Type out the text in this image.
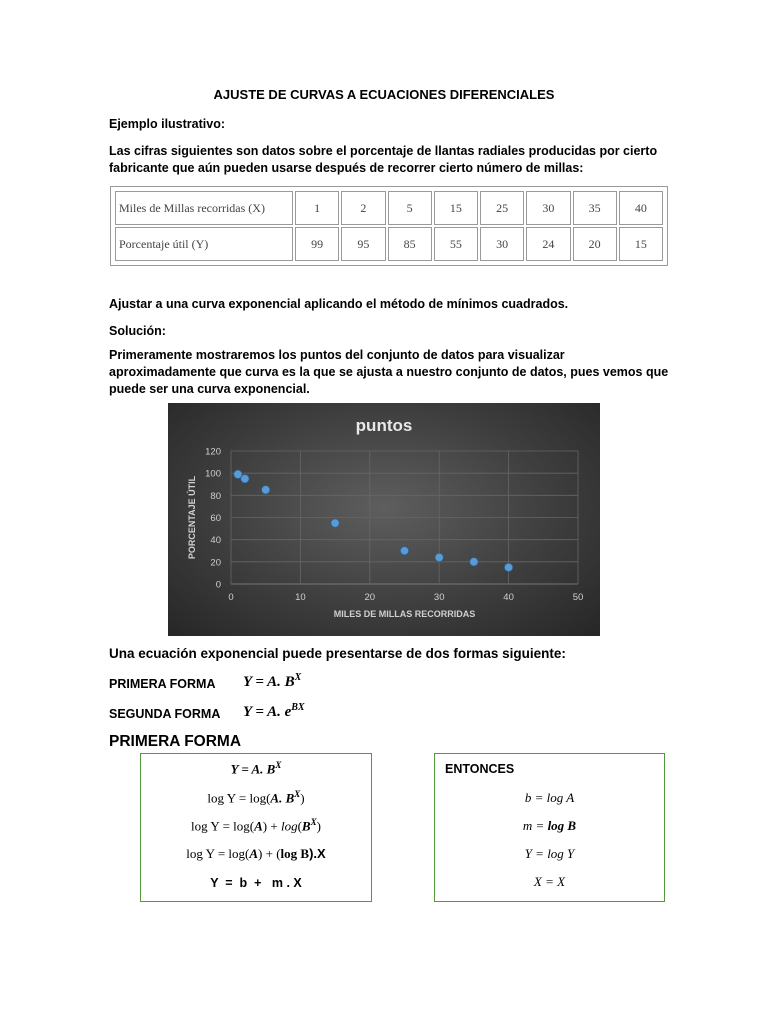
AJUSTE DE CURVAS A ECUACIONES DIFERENCIALES
Ejemplo ilustrativo:
Las cifras siguientes son datos sobre el porcentaje de llantas radiales producidas por cierto
fabricante que aún pueden usarse después de recorrer cierto número de millas:
Miles de Millas recorridas (X)	1	2	5	15	25	30	35	40
Porcentaje útil (Y)	99	95	85	55	30	24	20	15
Ajustar a una curva exponencial aplicando el método de mínimos cuadrados.
Solución:
Primeramente mostraremos los puntos del conjunto de datos para visualizar
aproximadamente que curva es la que se ajusta a nuestro conjunto de datos, pues vemos que
puede ser una curva exponencial.
puntos
0
20
40
60
80
100
120
0	10	20	30	40	50
MILES DE MILLAS RECORRIDAS
PORCENTAJE ÚTIL
Una ecuación exponencial puede presentarse de dos formas siguiente:
PRIMERA FORMA Y = A. $B^X$
SEGUNDA FORMA Y = A. $e^{BX}$
PRIMERA FORMA
Y = A. $B^X$
log Y = log(A. $B^X$)
$\log Y = \log(A) + \log(B^X)$
log Y = log(A) + (log B).X
Y  =  b  +   m . X
ENTONCES
b = log A
m = log B
Y = log Y
X = X
